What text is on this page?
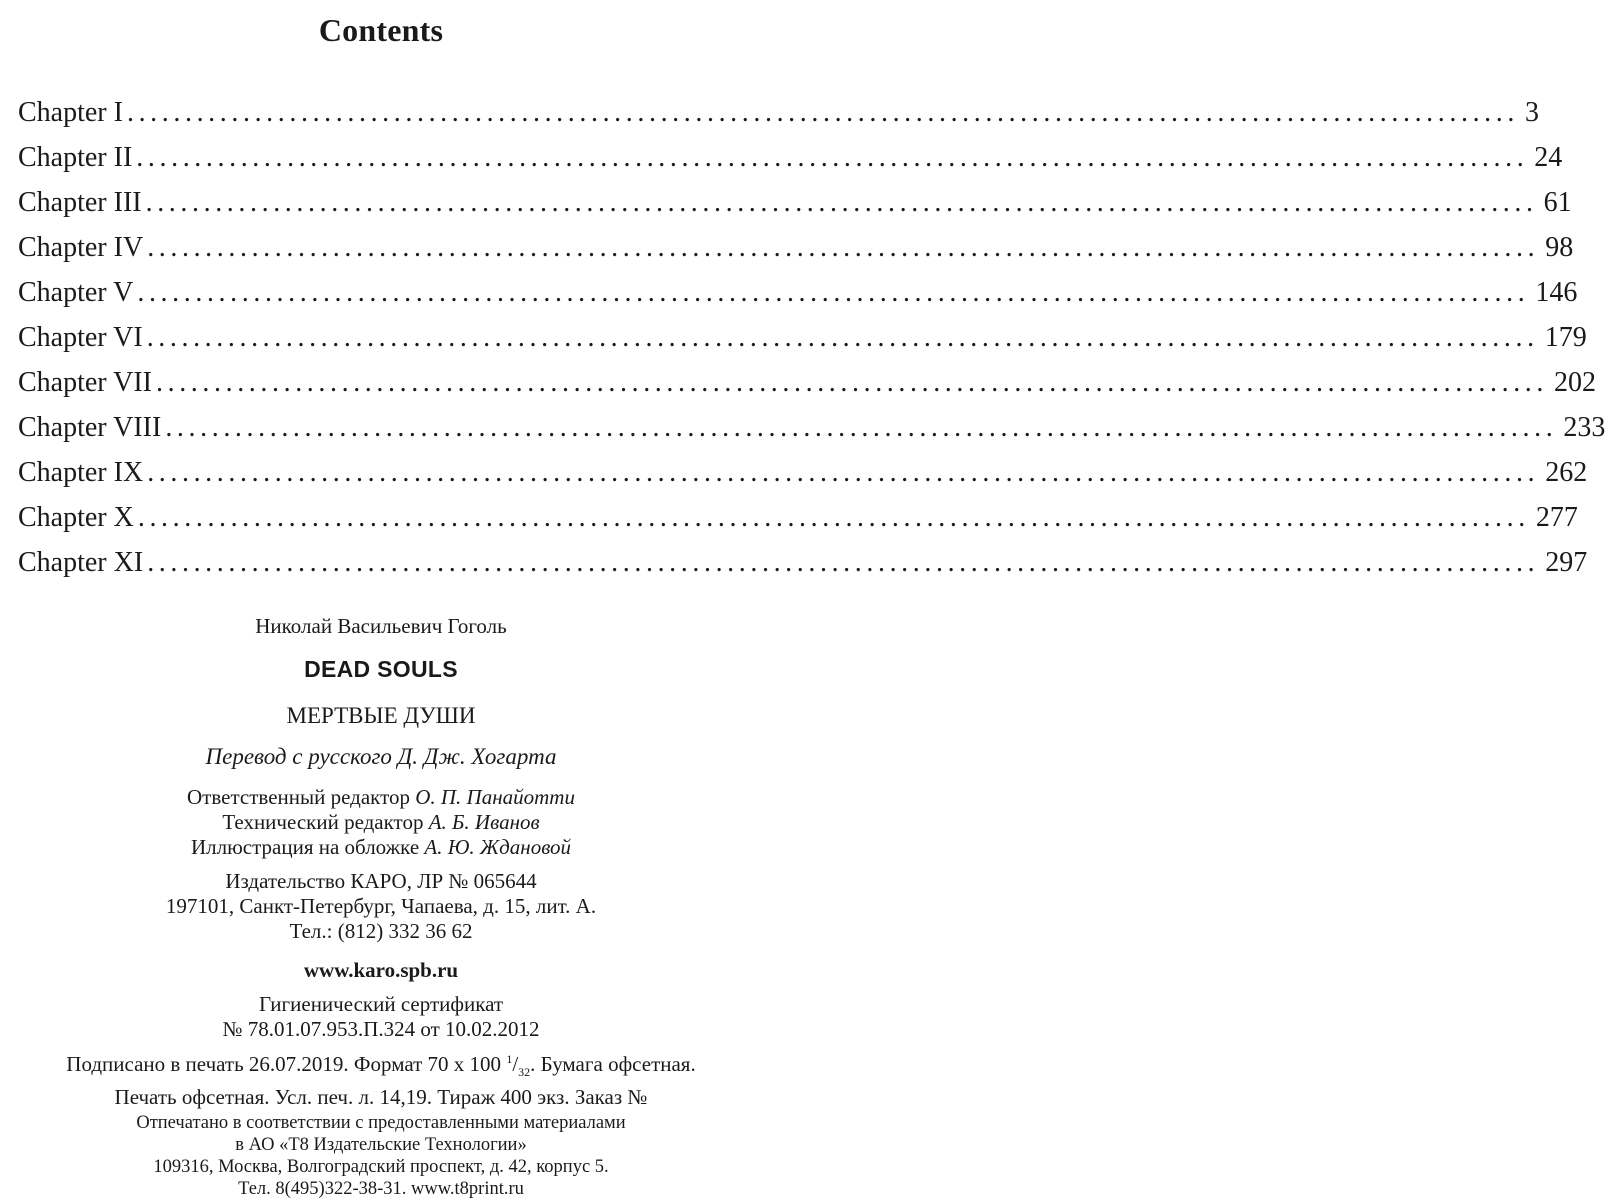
Contents
Chapter I ........................................................................................................................ 3
Chapter II ........................................................................................................................ 24
Chapter III ........................................................................................................................ 61
Chapter IV ........................................................................................................................ 98
Chapter V ........................................................................................................................ 146
Chapter VI ........................................................................................................................ 179
Chapter VII ........................................................................................................................ 202
Chapter VIII ........................................................................................................................ 233
Chapter IX ........................................................................................................................ 262
Chapter X ........................................................................................................................ 277
Chapter XI ........................................................................................................................ 297
Николай Васильевич Гоголь
DEAD SOULS
МЕРТВЫЕ ДУШИ
Перевод с русского Д. Дж. Хогарта
Ответственный редактор О. П. Панайотти
Технический редактор А. Б. Иванов
Иллюстрация на обложке А. Ю. Ждановой
Издательство КАРО, ЛР № 065644
197101, Санкт-Петербург, Чапаева, д. 15, лит. А.
Тел.: (812) 332 36 62
www.karo.spb.ru
Гигиенический сертификат
№ 78.01.07.953.П.324 от 10.02.2012
Подписано в печать 26.07.2019. Формат 70 x 100 $^1/_{32}$. Бумага офсетная.
Печать офсетная. Усл. печ. л. 14,19. Тираж 400 экз. Заказ №
Отпечатано в соответствии с предоставленными материалами
в АО «Т8 Издательские Технологии»
109316, Москва, Волгоградский проспект, д. 42, корпус 5.
Тел. 8(495)322-38-31. www.t8print.ru
